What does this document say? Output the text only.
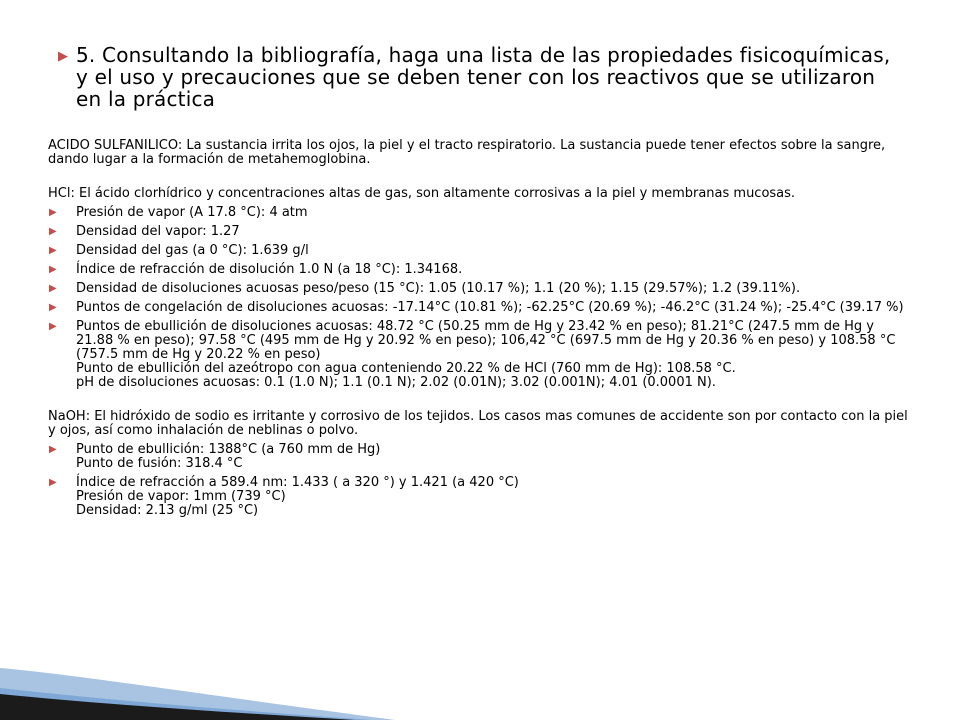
▶ 5. Consultando la bibliografía, haga una lista de las propiedades fisicoquímicas, y el uso y precauciones que se deben tener con los reactivos que se utilizaron en la práctica

ACIDO SULFANILICO: La sustancia irrita los ojos, la piel y el tracto respiratorio. La sustancia puede tener efectos sobre la sangre, dando lugar a la formación de metahemoglobina.

HCl: El ácido clorhídrico y concentraciones altas de gas, son altamente corrosivas a la piel y membranas mucosas.

▶	Presión de vapor (A 17.8 °C): 4 atm
▶	Densidad del vapor: 1.27
▶	Densidad del gas (a 0 °C): 1.639 g/l
▶	Índice de refracción de disolución 1.0 N (a 18 °C): 1.34168.
▶	Densidad de disoluciones acuosas peso/peso (15 °C): 1.05 (10.17 %); 1.1 (20 %); 1.15 (29.57%); 1.2 (39.11%).
▶	Puntos de congelación de disoluciones acuosas: -17.14°C (10.81 %); -62.25°C (20.69 %); -46.2°C (31.24 %); -25.4°C (39.17 %)
▶	Puntos de ebullición de disoluciones acuosas: 48.72 °C (50.25 mm de Hg y 23.42 % en peso); 81.21°C (247.5 mm de Hg y 21.88 % en peso); 97.58 °C (495 mm de Hg y 20.92 % en peso); 106,42 °C (697.5 mm de Hg y 20.36 % en peso) y 108.58 °C (757.5 mm de Hg y 20.22 % en peso)
Punto de ebullición del azeótropo con agua conteniendo 20.22 % de HCl (760 mm de Hg): 108.58 °C.
pH de disoluciones acuosas: 0.1 (1.0 N); 1.1 (0.1 N); 2.02 (0.01N); 3.02 (0.001N); 4.01 (0.0001 N).

NaOH: El hidróxido de sodio es irritante y corrosivo de los tejidos. Los casos mas comunes de accidente son por contacto con la piel y ojos, así como inhalación de neblinas o polvo.

▶	Punto de ebullición: 1388°C (a 760 mm de Hg)
Punto de fusión: 318.4 °C
▶	Índice de refracción a 589.4 nm: 1.433 ( a 320 °) y 1.421 (a 420 °C)
Presión de vapor: 1mm (739 °C)
Densidad: 2.13 g/ml (25 °C)
